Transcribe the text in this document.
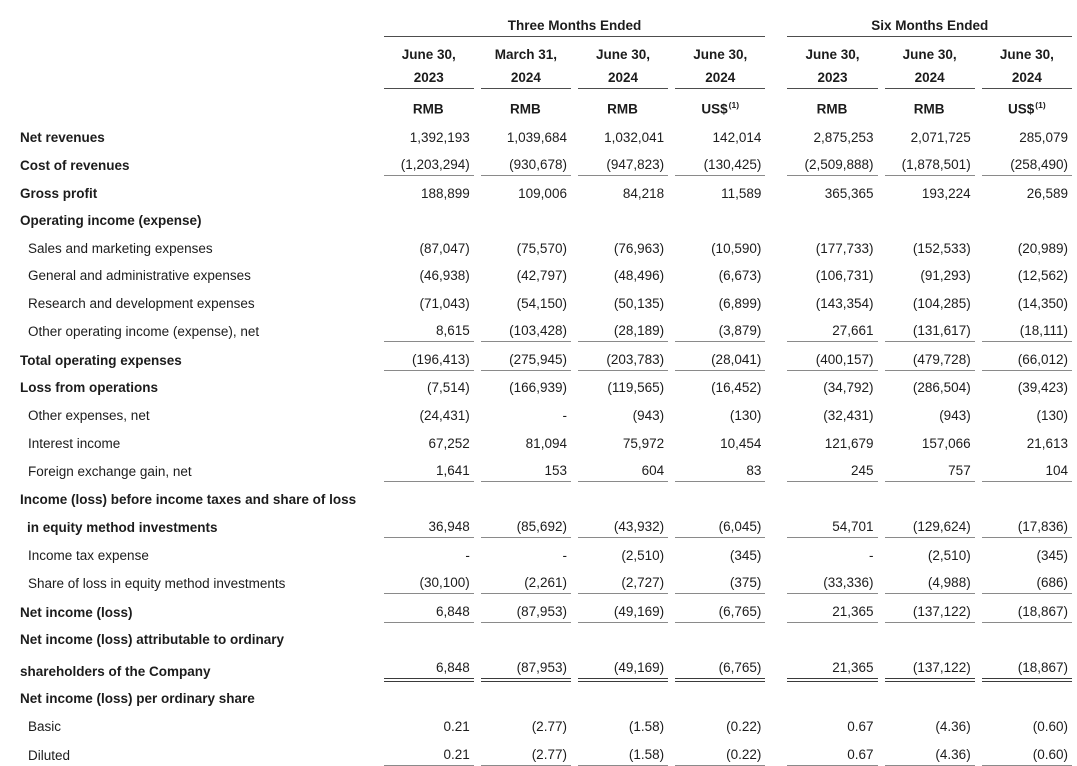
	Three Months Ended								Six Months Ended				
	June 30,		March 31,		June 30,		June 30,		June 30,		June 30,		June 30,
	2023		2024		2024		2024		2023		2024		2024
	RMB		RMB		RMB		US\$$^{(1)}$		RMB		RMB		US\$$^{(1)}$
Net revenues	1,392,193		1,039,684		1,032,041		142,014		2,875,253		2,071,725		285,079
Cost of revenues	(1,203,294)		(930,678)		(947,823)		(130,425)		(2,509,888)		(1,878,501)		(258,490)
Gross profit	188,899		109,006		84,218		11,589		365,365		193,224		26,589
Operating income (expense)													
Sales and marketing expenses	(87,047)		(75,570)		(76,963)		(10,590)		(177,733)		(152,533)		(20,989)
General and administrative expenses	(46,938)		(42,797)		(48,496)		(6,673)		(106,731)		(91,293)		(12,562)
Research and development expenses	(71,043)		(54,150)		(50,135)		(6,899)		(143,354)		(104,285)		(14,350)
Other operating income (expense), net	8,615		(103,428)		(28,189)		(3,879)		27,661		(131,617)		(18,111)
Total operating expenses	(196,413)		(275,945)		(203,783)		(28,041)		(400,157)		(479,728)		(66,012)
Loss from operations	(7,514)		(166,939)		(119,565)		(16,452)		(34,792)		(286,504)		(39,423)
Other expenses, net	(24,431)		-		(943)		(130)		(32,431)		(943)		(130)
Interest income	67,252		81,094		75,972		10,454		121,679		157,066		21,613
Foreign exchange gain, net	1,641		153		604		83		245		757		104
Income (loss) before income taxes and share of loss													
in equity method investments	36,948		(85,692)		(43,932)		(6,045)		54,701		(129,624)		(17,836)
Income tax expense	-		-		(2,510)		(345)		-		(2,510)		(345)
Share of loss in equity method investments	(30,100)		(2,261)		(2,727)		(375)		(33,336)		(4,988)		(686)
Net income (loss)	6,848		(87,953)		(49,169)		(6,765)		21,365		(137,122)		(18,867)
Net income (loss) attributable to ordinary													
shareholders of the Company	6,848		(87,953)		(49,169)		(6,765)		21,365		(137,122)		(18,867)
Net income (loss) per ordinary share													
Basic	0.21		(2.77)		(1.58)		(0.22)		0.67		(4.36)		(0.60)
Diluted	0.21		(2.77)		(1.58)		(0.22)		0.67		(4.36)		(0.60)
